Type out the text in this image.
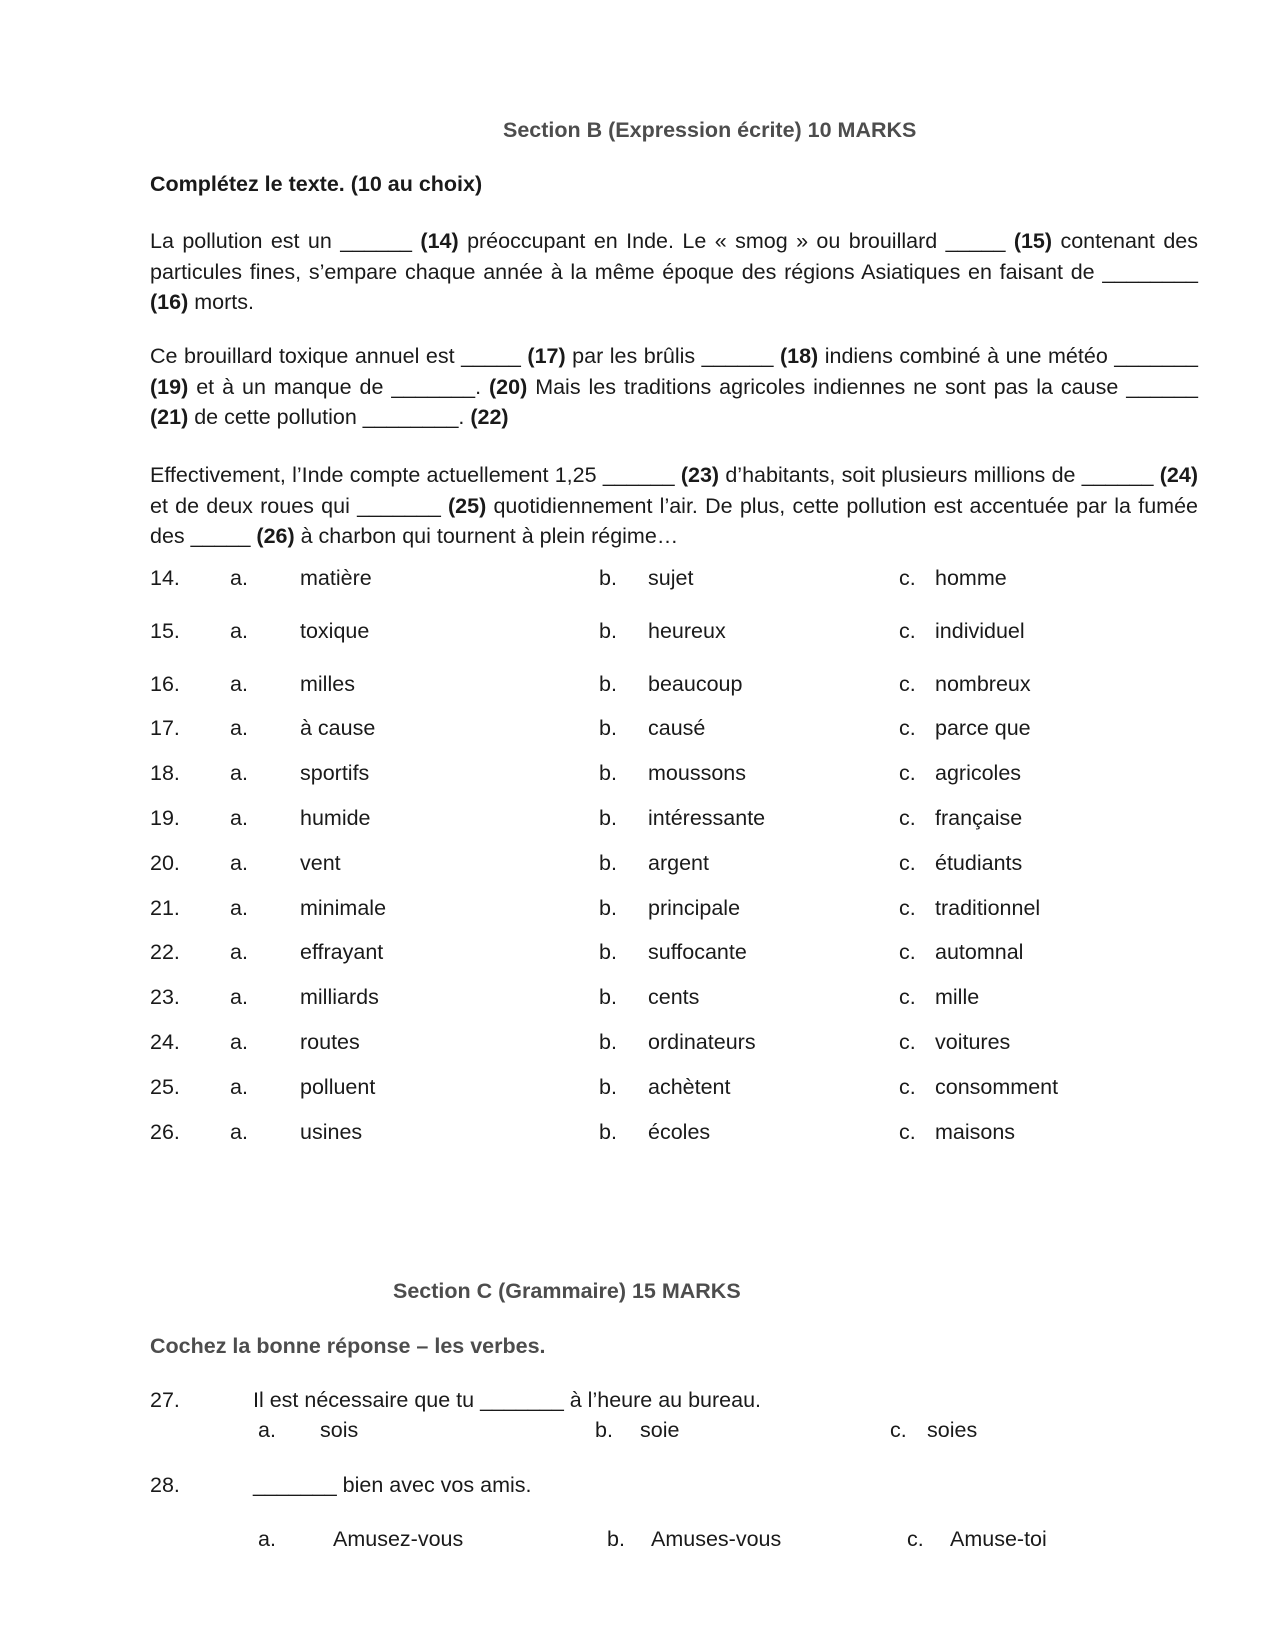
Section B (Expression écrite) 10 MARKS
Complétez le texte. (10 au choix)

La pollution est un ______ (14) préoccupant en Inde. Le « smog » ou brouillard _____ (15) contenant des particules fines, s’empare chaque année à la même époque des régions Asiatiques en faisant de ________ (16) morts.

Ce brouillard toxique annuel est _____ (17) par les brûlis ______ (18) indiens combiné à une météo _______ (19) et à un manque de _______. (20) Mais les traditions agricoles indiennes ne sont pas la cause ______ (21) de cette pollution ________. (22)

Effectivement, l’Inde compte actuellement 1,25 ______ (23) d’habitants, soit plusieurs millions de ______ (24) et de deux roues qui _______ (25) quotidiennement l’air. De plus, cette pollution est accentuée par la fumée des _____ (26) à charbon qui tournent à plein régime…

14. a. matière	b. sujet	c. homme
15. a. toxique	b. heureux	c. individuel
16. a. milles	b. beaucoup	c. nombreux
17. a. à cause	b. causé	c. parce que
18. a. sportifs	b. moussons	c. agricoles
19. a. humide	b. intéressante	c. française
20. a. vent	b. argent	c. étudiants
21. a. minimale	b. principale	c. traditionnel
22. a. effrayant	b. suffocante	c. automnal
23. a. milliards	b. cents	c. mille
24. a. routes	b. ordinateurs	c. voitures
25. a. polluent	b. achètent	c. consomment
26. a. usines	b. écoles	c. maisons
Section C (Grammaire) 15 MARKS
Cochez la bonne réponse – les verbes.
27.	Il est nécessaire que tu _______ à l’heure au bureau.
a. sois	b. soie	c. soies
28.	_______ bien avec vos amis.
a.	Amusez-vous	b. Amuses-vous	c. Amuse-toi
